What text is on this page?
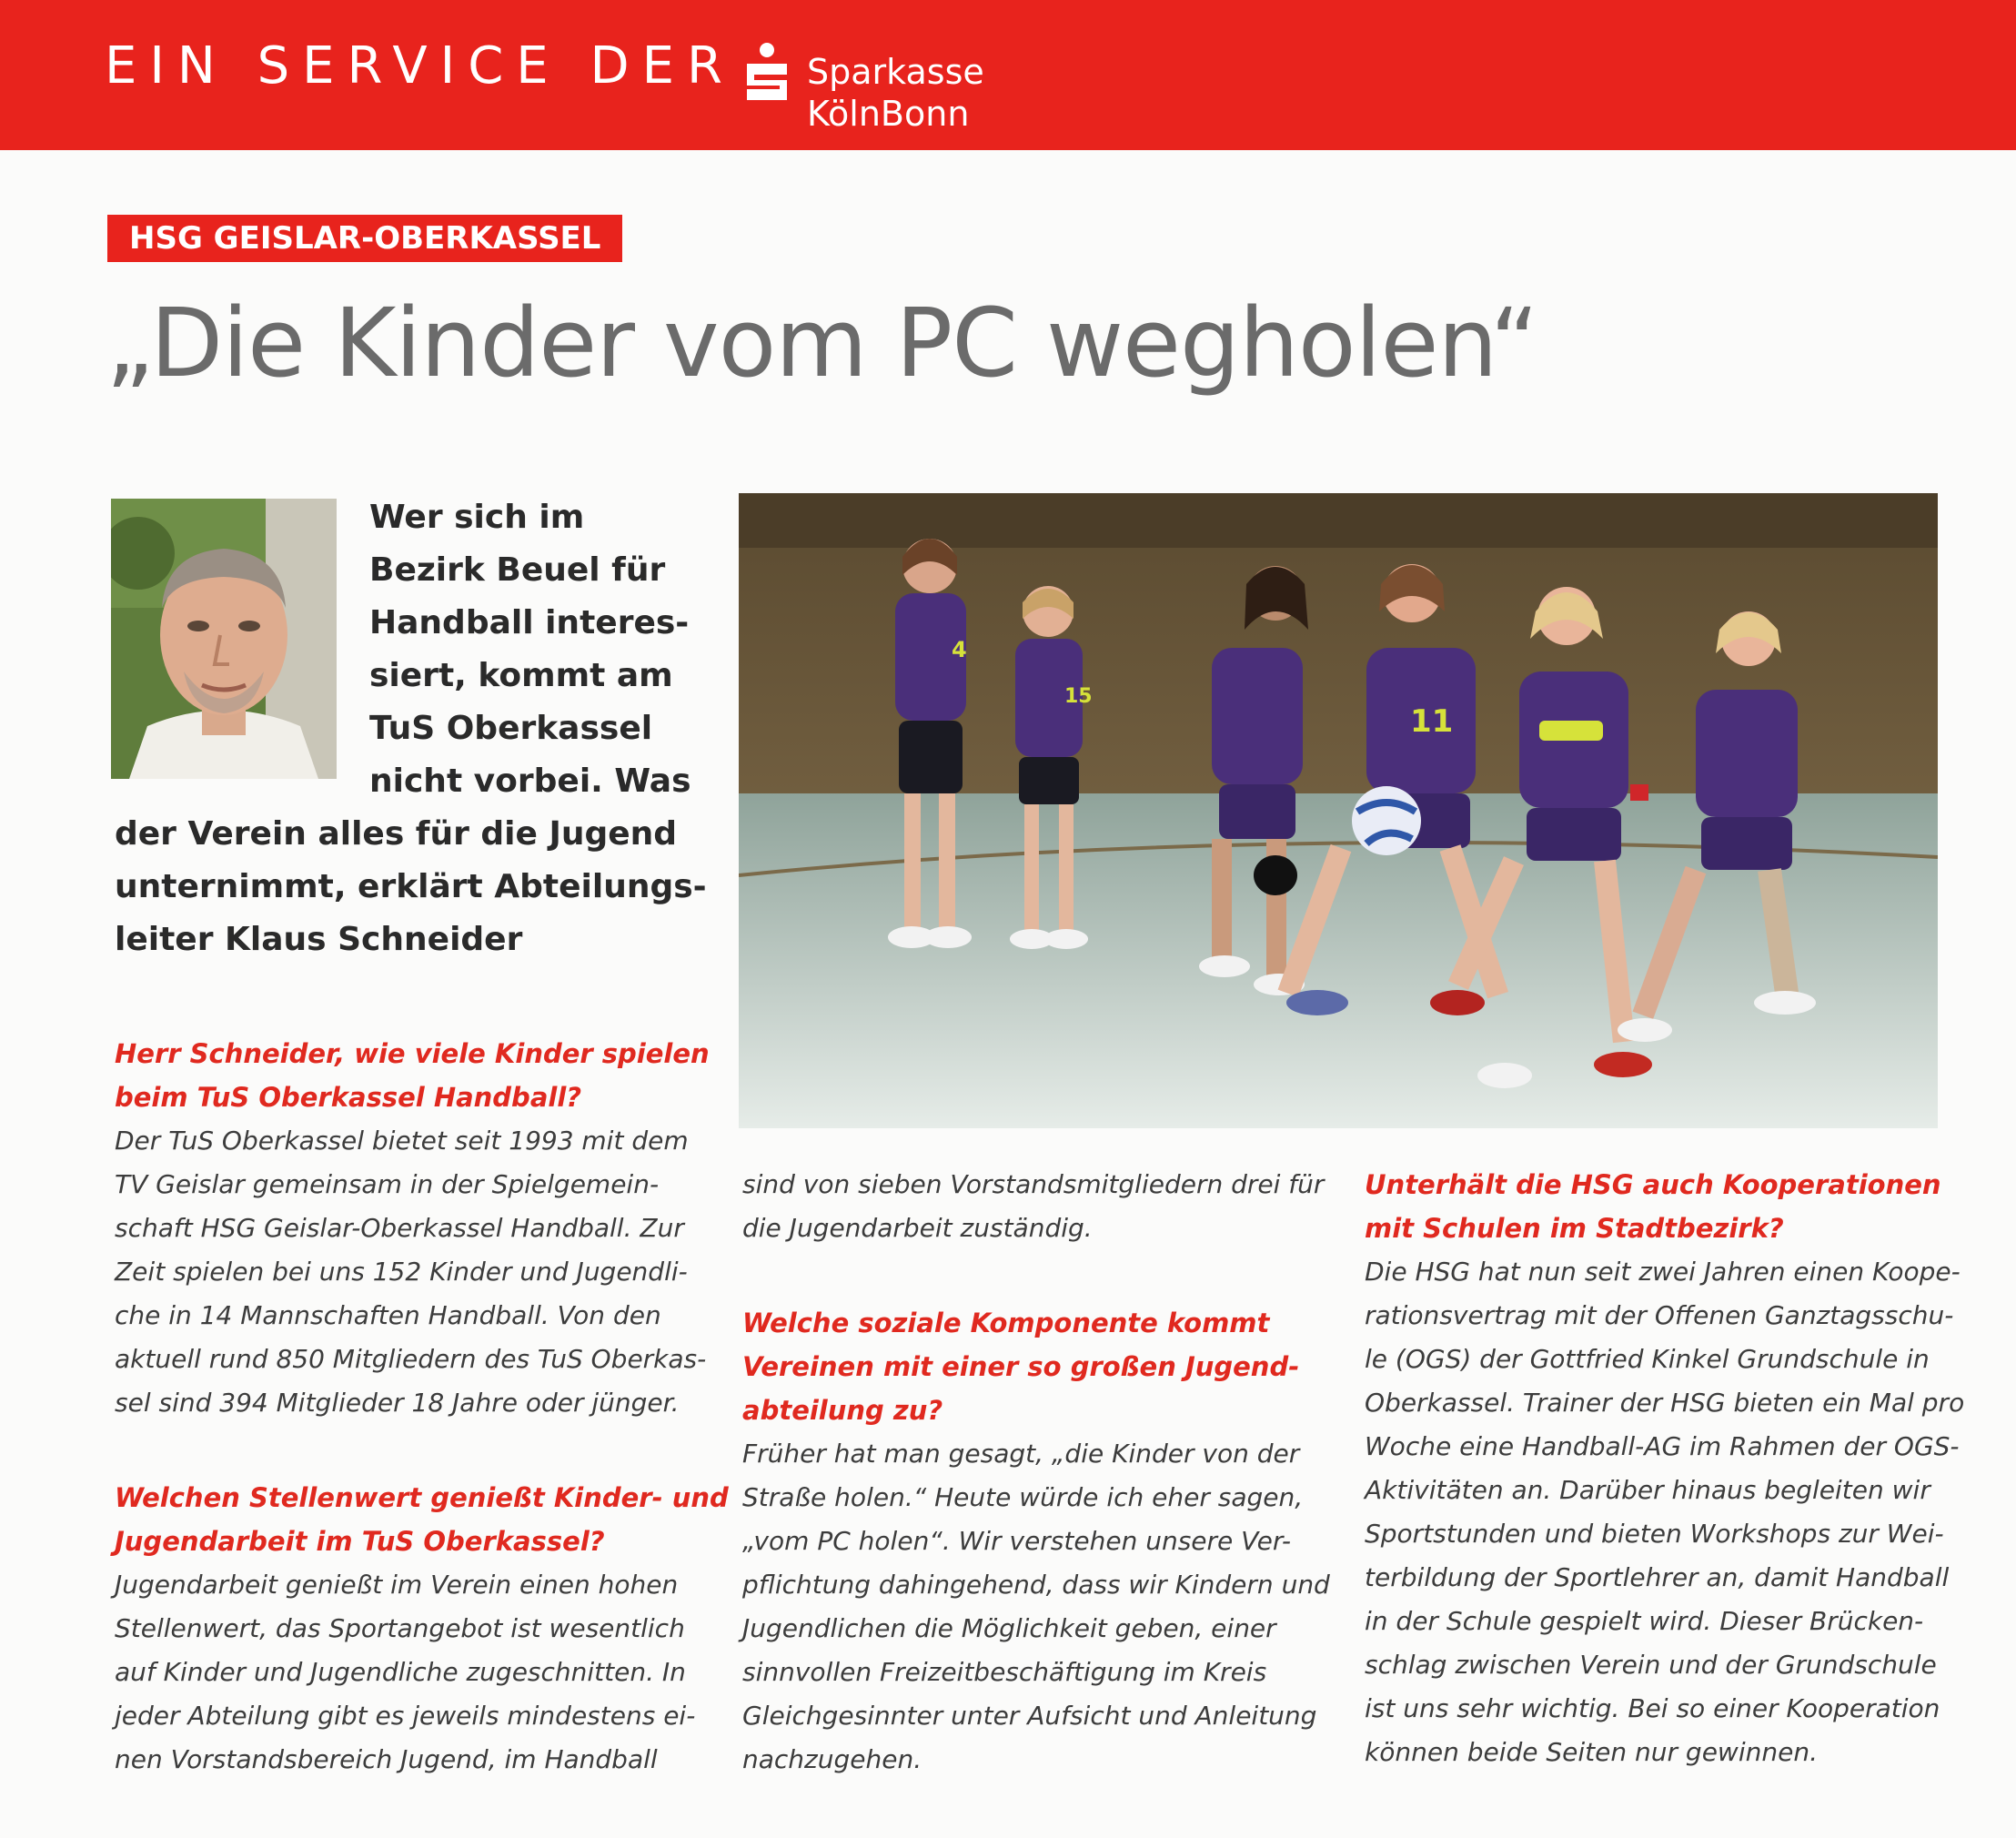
EIN SERVICE DER Sparkasse
KölnBonn
HSG GEISLAR-OBERKASSEL
„Die Kinder vom PC wegholen“
Wer sich im
Bezirk Beuel für
Handball interes-
siert, kommt am
TuS Oberkassel
nicht vorbei. Was
der Verein alles für die Jugend
unternimmt, erklärt Abteilungs-
leiter Klaus Schneider
4
15
11
Herr Schneider, wie viele Kinder spielen
beim TuS Oberkassel Handball?
Der TuS Oberkassel bietet seit 1993 mit dem
TV Geislar gemeinsam in der Spielgemein-
schaft HSG Geislar-Oberkassel Handball. Zur
Zeit spielen bei uns 152 Kinder und Jugendli-
che in 14 Mannschaften Handball. Von den
aktuell rund 850 Mitgliedern des TuS Oberkas-
sel sind 394 Mitglieder 18 Jahre oder jünger.
Welchen Stellenwert genießt Kinder- und
Jugendarbeit im TuS Oberkassel?
Jugendarbeit genießt im Verein einen hohen
Stellenwert, das Sportangebot ist wesentlich
auf Kinder und Jugendliche zugeschnitten. In
jeder Abteilung gibt es jeweils mindestens ei-
nen Vorstandsbereich Jugend, im Handball
sind von sieben Vorstandsmitgliedern drei für
die Jugendarbeit zuständig.
Welche soziale Komponente kommt
Vereinen mit einer so großen Jugend-
abteilung zu?
Früher hat man gesagt, „die Kinder von der
Straße holen.“ Heute würde ich eher sagen,
„vom PC holen“. Wir verstehen unsere Ver-
pflichtung dahingehend, dass wir Kindern und
Jugendlichen die Möglichkeit geben, einer
sinnvollen Freizeitbeschäftigung im Kreis
Gleichgesinnter unter Aufsicht und Anleitung
nachzugehen.
Unterhält die HSG auch Kooperationen
mit Schulen im Stadtbezirk?
Die HSG hat nun seit zwei Jahren einen Koope-
rationsvertrag mit der Offenen Ganztagsschu-
le (OGS) der Gottfried Kinkel Grundschule in
Oberkassel. Trainer der HSG bieten ein Mal pro
Woche eine Handball-AG im Rahmen der OGS-
Aktivitäten an. Darüber hinaus begleiten wir
Sportstunden und bieten Workshops zur Wei-
terbildung der Sportlehrer an, damit Handball
in der Schule gespielt wird. Dieser Brücken-
schlag zwischen Verein und der Grundschule
ist uns sehr wichtig. Bei so einer Kooperation
können beide Seiten nur gewinnen.
